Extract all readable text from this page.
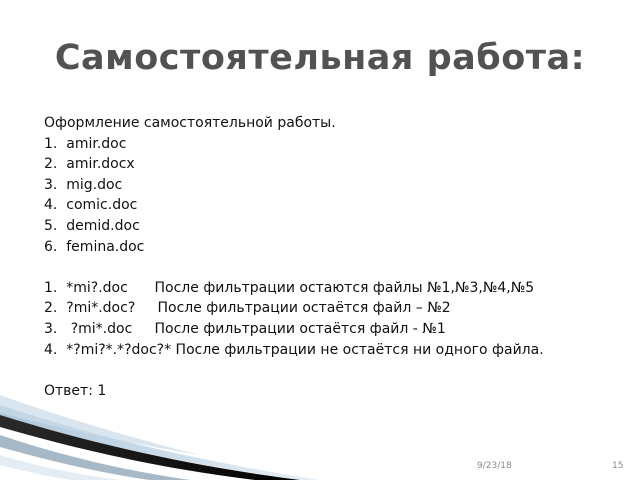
Самостоятельная работа:
Оформление самостоятельной работы.
1.  amir.doc
2.  amir.docx
3.  mig.doc
4.  comic.doc
5.  demid.doc
6.  femina.doc
1.  *mi?.doc      После фильтрации остаются файлы №1,№3,№4,№5
2.  ?mi*.doc?     После фильтрации остаётся файл – №2
3.   ?mi*.doc     После фильтрации остаётся файл - №1
4.  *?mi?*.*?doc?* После фильтрации не остаётся ни одного файла.
Ответ: 1
9/23/18	15
